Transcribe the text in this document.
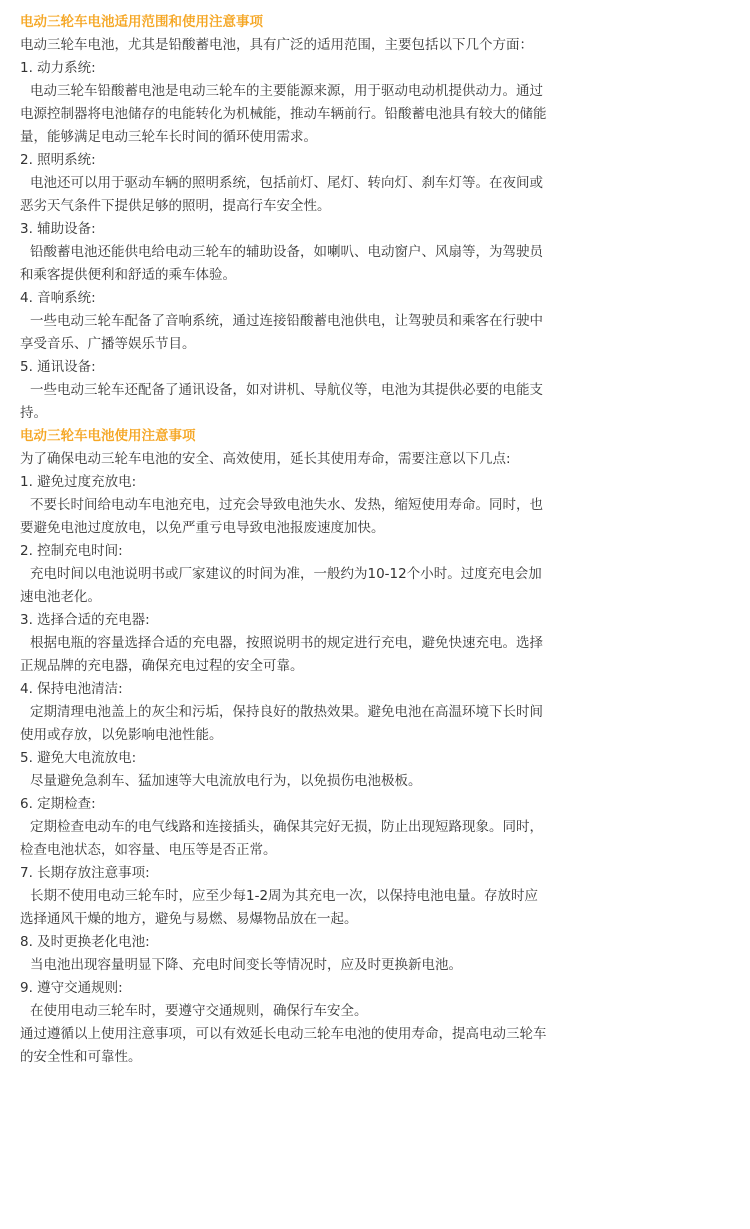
电动三轮车电池适用范围和使用注意事项
电动三轮车电池，尤其是铅酸蓄电池，具有广泛的适用范围，主要包括以下几个方面：
1. 动力系统:
电动三轮车铅酸蓄电池是电动三轮车的主要能源来源，用于驱动电动机提供动力。通过
电源控制器将电池储存的电能转化为机械能，推动车辆前行。铅酸蓄电池具有较大的储能
量，能够满足电动三轮车长时间的循环使用需求。
2. 照明系统:
电池还可以用于驱动车辆的照明系统，包括前灯、尾灯、转向灯、刹车灯等。在夜间或
恶劣天气条件下提供足够的照明，提高行车安全性。
3. 辅助设备:
铅酸蓄电池还能供电给电动三轮车的辅助设备，如喇叭、电动窗户、风扇等，为驾驶员
和乘客提供便利和舒适的乘车体验。
4. 音响系统:
一些电动三轮车配备了音响系统，通过连接铅酸蓄电池供电，让驾驶员和乘客在行驶中
享受音乐、广播等娱乐节目。
5. 通讯设备:
一些电动三轮车还配备了通讯设备，如对讲机、导航仪等，电池为其提供必要的电能支
持。
电动三轮车电池使用注意事项
为了确保电动三轮车电池的安全、高效使用，延长其使用寿命，需要注意以下几点:
1. 避免过度充放电:
不要长时间给电动车电池充电，过充会导致电池失水、发热，缩短使用寿命。同时，也
要避免电池过度放电，以免严重亏电导致电池报废速度加快。
2. 控制充电时间:
充电时间以电池说明书或厂家建议的时间为准，一般约为10-12个小时。过度充电会加
速电池老化。
3. 选择合适的充电器:
根据电瓶的容量选择合适的充电器，按照说明书的规定进行充电，避免快速充电。选择
正规品牌的充电器，确保充电过程的安全可靠。
4. 保持电池清洁:
定期清理电池盖上的灰尘和污垢，保持良好的散热效果。避免电池在高温环境下长时间
使用或存放，以免影响电池性能。
5. 避免大电流放电:
尽量避免急刹车、猛加速等大电流放电行为，以免损伤电池极板。
6. 定期检查:
定期检查电动车的电气线路和连接插头，确保其完好无损，防止出现短路现象。同时，
检查电池状态，如容量、电压等是否正常。
7. 长期存放注意事项:
长期不使用电动三轮车时，应至少每1-2周为其充电一次，以保持电池电量。存放时应
选择通风干燥的地方，避免与易燃、易爆物品放在一起。
8. 及时更换老化电池:
当电池出现容量明显下降、充电时间变长等情况时，应及时更换新电池。
9. 遵守交通规则:
在使用电动三轮车时，要遵守交通规则，确保行车安全。
通过遵循以上使用注意事项，可以有效延长电动三轮车电池的使用寿命，提高电动三轮车
的安全性和可靠性。
